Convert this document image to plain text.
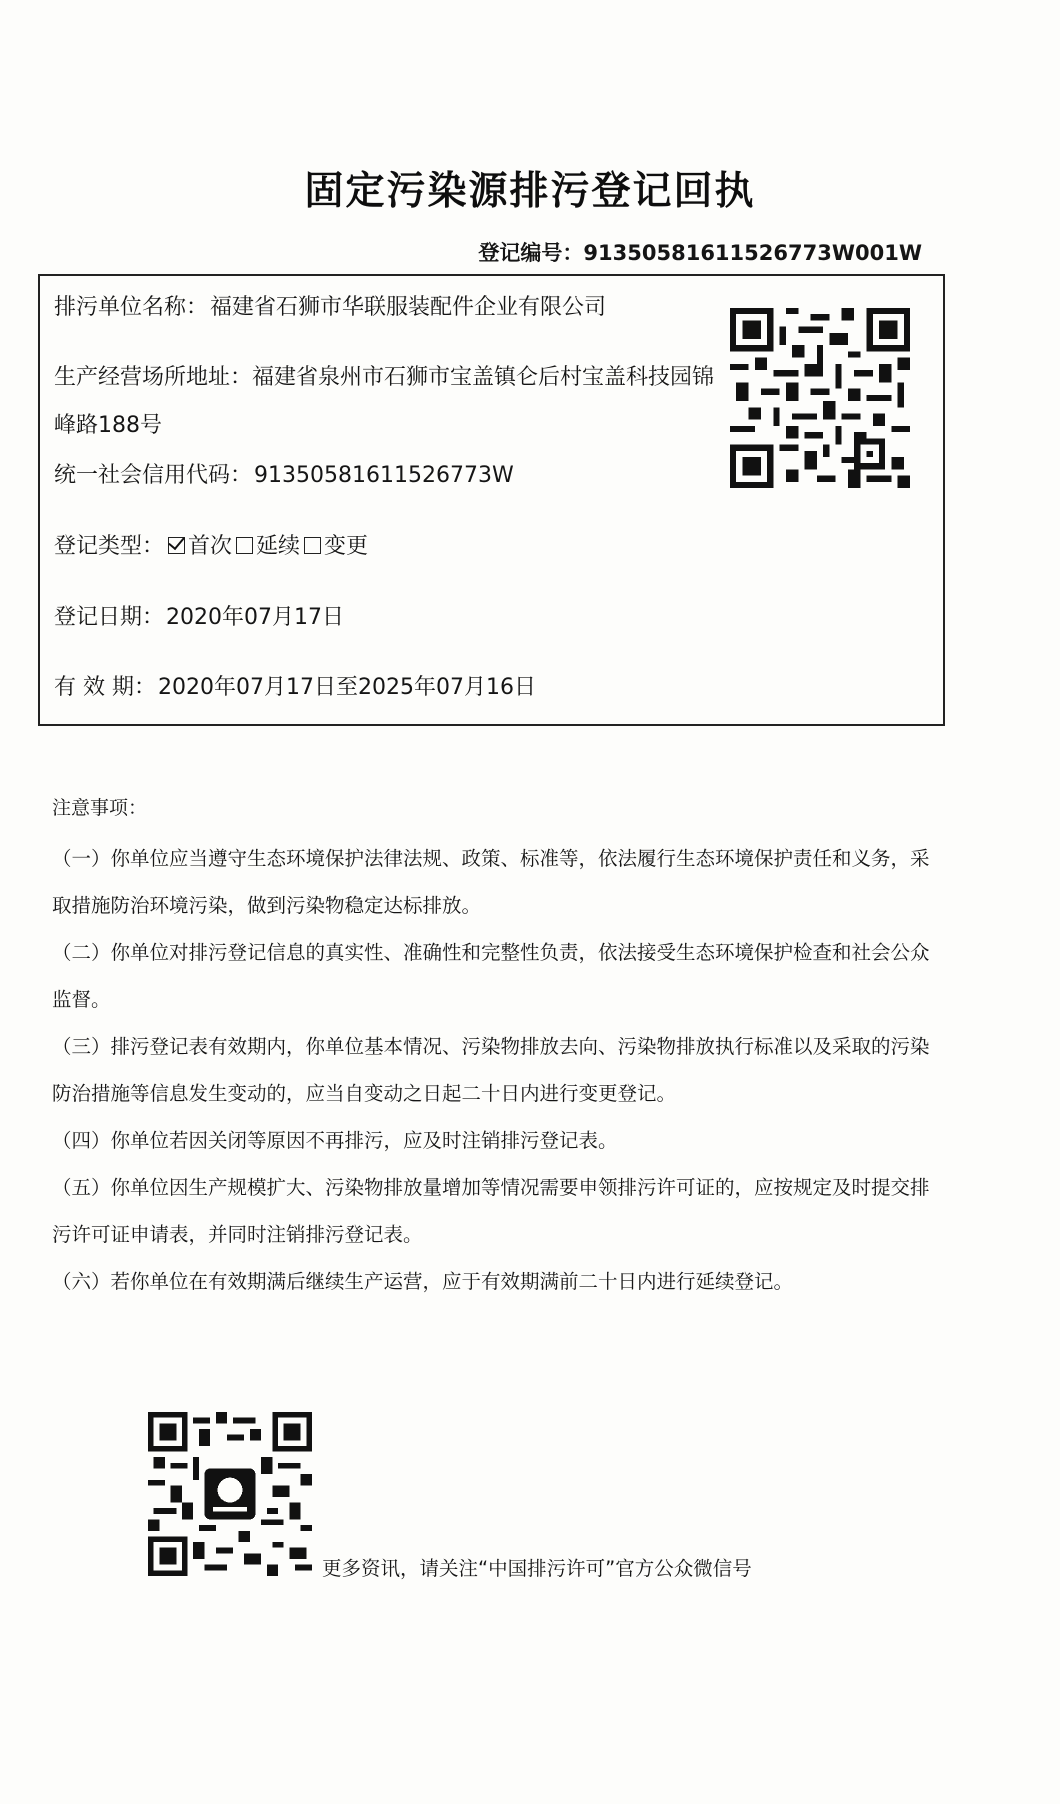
固定污染源排污登记回执
登记编号：91350581611526773W001W
排污单位名称：福建省石狮市华联服装配件企业有限公司
生产经营场所地址：福建省泉州市石狮市宝盖镇仑后村宝盖科技园锦峰路188号
统一社会信用代码：91350581611526773W
登记类型： 首次 延续 变更
登记日期：2020年07月17日
有 效 期：2020年07月17日至2025年07月16日
注意事项：

（一）你单位应当遵守生态环境保护法律法规、政策、标准等，依法履行生态环境保护责任和义务，采取措施防治环境污染，做到污染物稳定达标排放。

（二）你单位对排污登记信息的真实性、准确性和完整性负责，依法接受生态环境保护检查和社会公众监督。

（三）排污登记表有效期内，你单位基本情况、污染物排放去向、污染物排放执行标准以及采取的污染防治措施等信息发生变动的，应当自变动之日起二十日内进行变更登记。

（四）你单位若因关闭等原因不再排污，应及时注销排污登记表。

（五）你单位因生产规模扩大、污染物排放量增加等情况需要申领排污许可证的，应按规定及时提交排污许可证申请表，并同时注销排污登记表。

（六）若你单位在有效期满后继续生产运营，应于有效期满前二十日内进行延续登记。

更多资讯，请关注“中国排污许可”官方公众微信号
